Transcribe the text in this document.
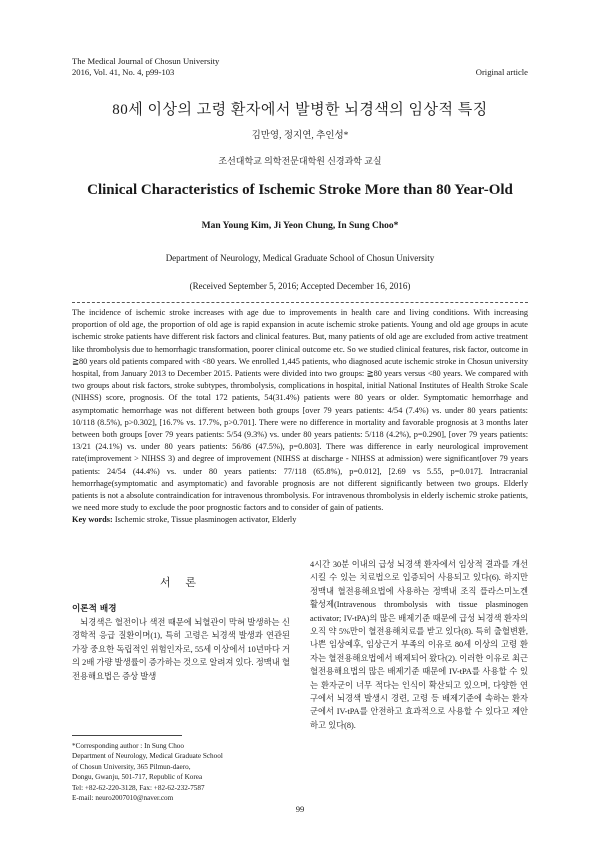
The Medical Journal of Chosun University
2016, Vol. 41, No. 4, p99-103	Original article
80세 이상의 고령 환자에서 발병한 뇌경색의 임상적 특징
김만영, 정지연, 추인성*
조선대학교 의학전문대학원 신경과학 교실
Clinical Characteristics of Ischemic Stroke More than 80 Year-Old
Man Young Kim, Ji Yeon Chung, In Sung Choo*
Department of Neurology, Medical Graduate School of Chosun University
(Received September 5, 2016; Accepted December 16, 2016)

The incidence of ischemic stroke increases with age due to improvements in health care and living conditions. With increasing proportion of old age, the proportion of old age is rapid expansion in acute ischemic stroke patients. Young and old age groups in acute ischemic stroke patients have different risk factors and clinical features. But, many patients of old age are excluded from active treatment like thrombolysis due to hemorrhagic transformation, poorer clinical outcome etc. So we studied clinical features, risk factor, outcome in ≧80 years old patients compared with <80 years. We enrolled 1,445 patients, who diagnosed acute ischemic stroke in Chosun university hospital, from January 2013 to December 2015. Patients were divided into two groups: ≧80 years versus <80 years. We compared with two groups about risk factors, stroke subtypes, thrombolysis, complications in hospital, initial National Institutes of Health Stroke Scale (NIHSS) score, prognosis. Of the total 172 patients, 54(31.4%) patients were 80 years or older. Symptomatic hemorrhage and asymptomatic hemorrhage was not different between both groups [over 79 years patients: 4/54 (7.4%) vs. under 80 years patients: 10/118 (8.5%), p>0.302], [16.7% vs. 17.7%, p>0.701]. There were no difference in mortality and favorable prognosis at 3 months later between both groups [over 79 years patients: 5/54 (9.3%) vs. under 80 years patients: 5/118 (4.2%), p=0.290], [over 79 years patients: 13/21 (24.1%) vs. under 80 years patients: 56/86 (47.5%), p=0.803]. There was difference in early neurological improvement rate(improvement > NIHSS 3) and degree of improvement (NIHSS at discharge - NIHSS at admission) were significant[over 79 years patients: 24/54 (44.4%) vs. under 80 years patients: 77/118 (65.8%), p=0.012], [2.69 vs 5.55, p=0.017]. Intracranial hemorrhage(symptomatic and asymptomatic) and favorable prognosis are not different significantly between two groups. Elderly patients is not a absolute contraindication for intravenous thrombolysis. For intravenous thrombolysis in elderly ischemic stroke patients, we need more study to exclude the poor prognostic factors and to consider of gain of patients.

Key words: Ischemic stroke, Tissue plasminogen activator, Elderly

서 론
이론적 배경

뇌경색은 혈전이나 색전 때문에 뇌혈관이 막혀 발생하는 신경학적 응급 질환이며(1), 특히 고령은 뇌경색 발생과 연관된 가장 중요한 독립적인 위험인자로, 55세 이상에서 10년마다 거의 2배 가량 발생률이 증가하는 것으로 알려져 있다. 정맥내 혈전용해요법은 증상 발생

4시간 30분 이내의 급성 뇌경색 환자에서 임상적 결과를 개선시킬 수 있는 치료법으로 입증되어 사용되고 있다(6). 하지만 정맥내 혈전용해요법에 사용하는 정맥내 조직 플라스미노겐 활성제(Intravenous thrombolysis with tissue plasminogen activator; IV-tPA)의 많은 배제기준 때문에 급성 뇌경색 환자의 오직 약 5%만이 혈전용해치료를 받고 있다(8). 특히 출혈변환, 나쁜 임상예후, 임상근거 부족의 이유로 80세 이상의 고령 환자는 혈전용해요법에서 배제되어 왔다(2). 이러한 이유로 최근 혈전용해요법의 많은 배제기준 때문에 IV-tPA를 사용할 수 있는 환자군이 너무 적다는 인식이 확산되고 있으며, 다양한 연구에서 뇌경색 발생시 경련, 고령 등 배제기준에 속하는 환자군에서 IV-tPA를 안전하고 효과적으로 사용할 수 있다고 제안하고 있다(8).

*Corresponding author : In Sung Choo
Department of Neurology, Medical Graduate School
of Chosun University, 365 Pilmun-daero,
Dongu, Gwanju, 501-717, Republic of Korea
Tel: +82-62-220-3128, Fax: +82-62-232-7587
E-mail: neuro2007010@naver.com
99
